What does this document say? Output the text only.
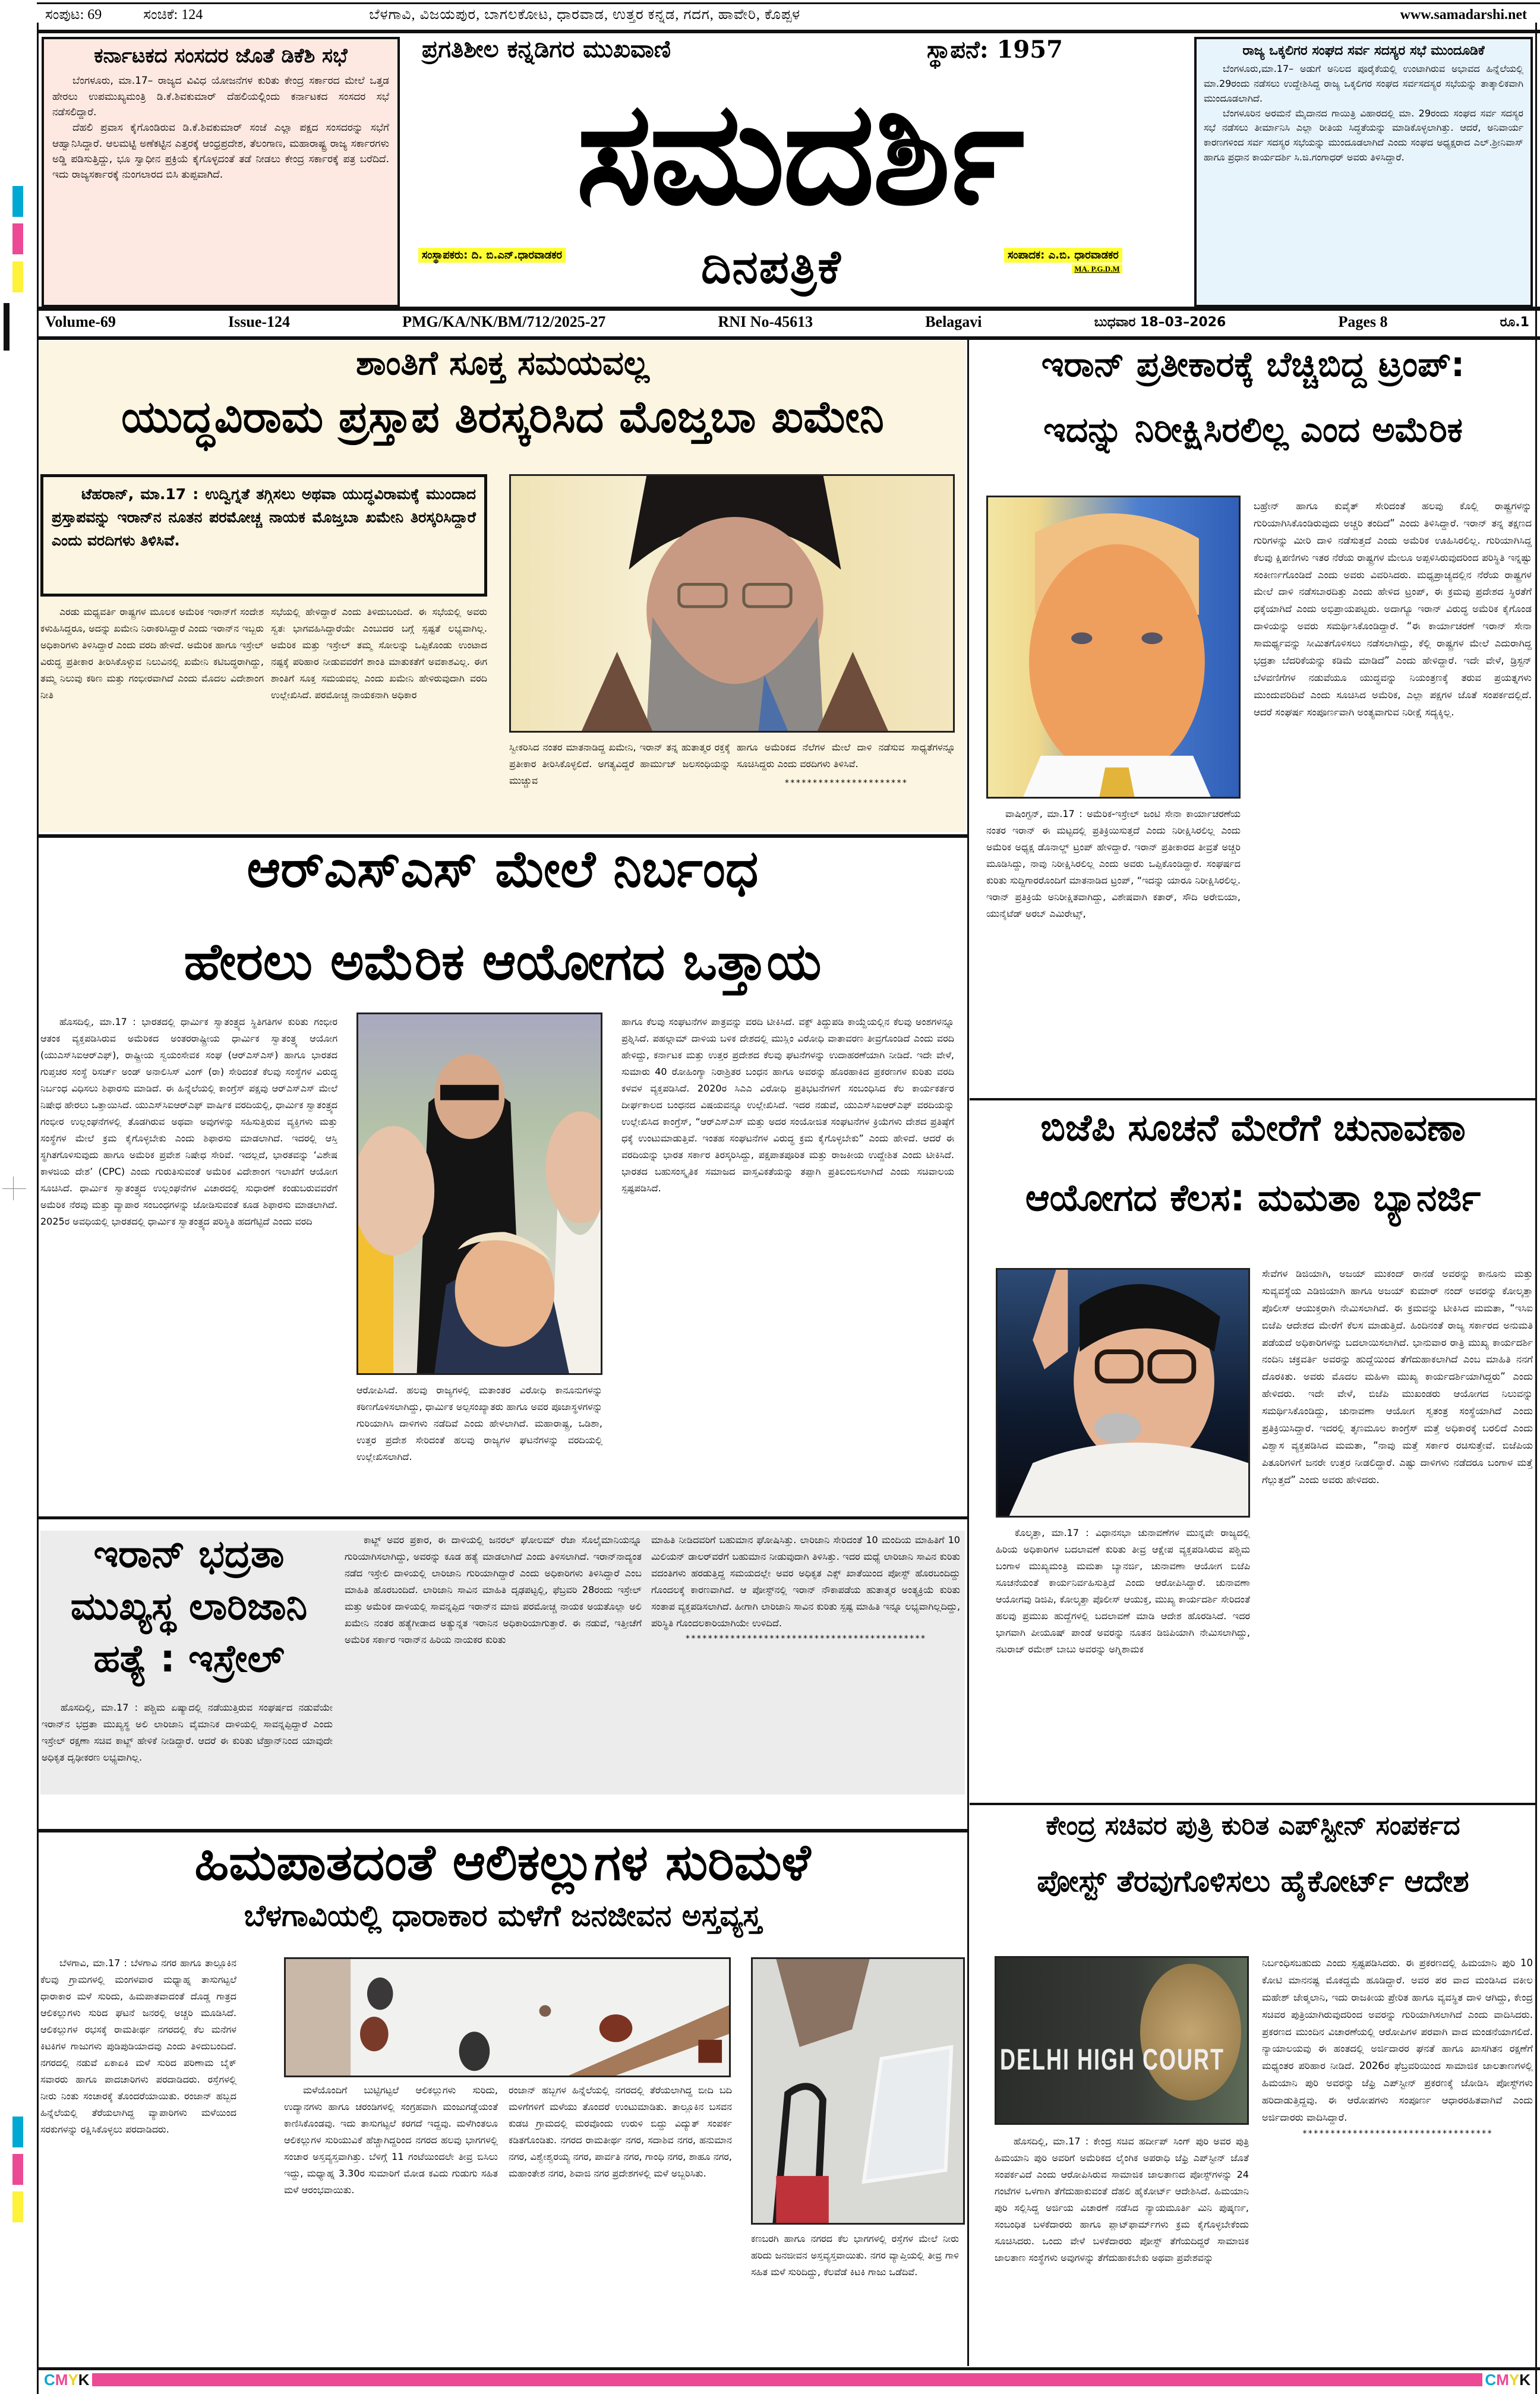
ಸಂಪುಟ: 69	ಸಂಚಿಕೆ: 124	ಬೆಳಗಾವಿ, ವಿಜಯಪುರ, ಬಾಗಲಕೋಟ, ಧಾರವಾಡ, ಉತ್ತರ ಕನ್ನಡ, ಗದಗ, ಹಾವೇರಿ, ಕೊಪ್ಪಳ	www.samadarshi.net
ಕರ್ನಾಟಕದ ಸಂಸದರ ಜೊತೆ ಡಿಕೆಶಿ ಸಭೆ

ಬೆಂಗಳೂರು, ಮಾ.17– ರಾಜ್ಯದ ವಿವಿಧ ಯೋಜನೆಗಳ ಕುರಿತು ಕೇಂದ್ರ ಸರ್ಕಾರದ ಮೇಲೆ ಒತ್ತಡ ಹೇರಲು ಉಪಮುಖ್ಯಮಂತ್ರಿ ಡಿ.ಕೆ.ಶಿವಕುಮಾರ್ ದೆಹಲಿಯಲ್ಲಿಂದು ಕರ್ನಾಟಕದ ಸಂಸದರ ಸಭೆ ನಡೆಸಲಿದ್ದಾರೆ.

ದೆಹಲಿ ಪ್ರವಾಸ ಕೈಗೊಂಡಿರುವ ಡಿ.ಕೆ.ಶಿವಕುಮಾರ್ ಸಂಜೆ ಎಲ್ಲಾ ಪಕ್ಷದ ಸಂಸದರನ್ನು ಸಭೆಗೆ ಆಹ್ವಾನಿಸಿದ್ದಾರೆ. ಆಲಮಟ್ಟಿ ಅಣೆಕಟ್ಟಿನ ಎತ್ತರಕ್ಕೆ ಆಂಧ್ರಪ್ರದೇಶ, ತೆಲಂಗಾಣ, ಮಹಾರಾಷ್ಟ್ರ ರಾಜ್ಯ ಸರ್ಕಾರಗಳು ಅಡ್ಡಿ ಪಡಿಸುತ್ತಿದ್ದು, ಭೂ ಸ್ವಾಧೀನ ಪ್ರಕ್ರಿಯೆ ಕೈಗೊಳ್ಳದಂತೆ ತಡೆ ನೀಡಲು ಕೇಂದ್ರ ಸರ್ಕಾರಕ್ಕೆ ಪತ್ರ ಬರೆದಿದೆ. ಇದು ರಾಜ್ಯಸರ್ಕಾರಕ್ಕೆ ನುಂಗಲಾರದ ಬಿಸಿ ತುಪ್ಪವಾಗಿದೆ.

ಪ್ರಗತಿಶೀಲ ಕನ್ನಡಿಗರ ಮುಖವಾಣಿ	ಸ್ಥಾಪನೆ: 1957
ಸಮದರ್ಶಿ
ಸಂಸ್ಥಾಪಕರು: ದಿ. ಬಿ.ಎನ್.ಧಾರವಾಡಕರ	ದಿನಪತ್ರಿಕೆ	ಸಂಪಾದಕ: ಎ.ಬಿ. ಧಾರವಾಡಕರ
MA. P.G.D.M
ರಾಜ್ಯ ಒಕ್ಕಲಿಗರ ಸಂಘದ ಸರ್ವ ಸದಸ್ಯರ ಸಭೆ ಮುಂದೂಡಿಕೆ

ಬೆಂಗಳೂರು,ಮಾ.17– ಅಡುಗೆ ಅನಿಲದ ಪೂರೈಕೆಯಲ್ಲಿ ಉಂಟಾಗಿರುವ ಅಭಾವದ ಹಿನ್ನೆಲೆಯಲ್ಲಿ ಮಾ.29ರಂದು ನಡೆಸಲು ಉದ್ದೇಶಿಸಿದ್ದ ರಾಜ್ಯ ಒಕ್ಕಲಿಗರ ಸಂಘದ ಸರ್ವಸದಸ್ಯರ ಸಭೆಯನ್ನು ತಾತ್ಕಾಲಿಕವಾಗಿ ಮುಂದೂಡಲಾಗಿದೆ.

ಬೆಂಗಳೂರಿನ ಅರಮನೆ ಮೈದಾನದ ಗಾಯಿತ್ರಿ ವಿಹಾರದಲ್ಲಿ ಮಾ. 29ರಂದು ಸಂಘದ ಸರ್ವ ಸದಸ್ಯರ ಸಭೆ ನಡೆಸಲು ತೀರ್ಮಾನಿಸಿ ಎಲ್ಲಾ ರೀತಿಯ ಸಿದ್ಧತೆಯನ್ನು ಮಾಡಿಕೊಳ್ಳಲಾಗಿತ್ತು. ಆದರೆ, ಅನಿವಾರ್ಯ ಕಾರಣಗಳಿಂದ ಸರ್ವ ಸದಸ್ಯರ ಸಭೆಯನ್ನು ಮುಂದೂಡಲಾಗಿದೆ ಎಂದು ಸಂಘದ ಅಧ್ಯಕ್ಷರಾದ ಎಲ್.ಶ್ರೀನಿವಾಸ್ ಹಾಗೂ ಪ್ರಧಾನ ಕಾರ್ಯದರ್ಶಿ ಸಿ.ಜಿ.ಗಂಗಾಧರ್ ಅವರು ತಿಳಿಸಿದ್ದಾರೆ.

Volume-69	Issue-124	PMG/KA/NK/BM/712/2025-27	RNI No-45613	Belagavi	ಬುಧವಾರ 18–03–2026	Pages 8	ರೂ.1
ಶಾಂತಿಗೆ ಸೂಕ್ತ ಸಮಯವಲ್ಲ
ಯುದ್ಧವಿರಾಮ ಪ್ರಸ್ತಾಪ ತಿರಸ್ಕರಿಸಿದ ಮೊಜ್ತಬಾ ಖಮೇನಿ

ಟೆಹರಾನ್, ಮಾ.17 : ಉದ್ವಿಗ್ನತೆ ತಗ್ಗಿಸಲು ಅಥವಾ ಯುದ್ಧವಿರಾಮಕ್ಕೆ ಮುಂದಾದ ಪ್ರಸ್ತಾಪವನ್ನು ಇರಾನ್‌ನ ನೂತನ ಪರಮೋಚ್ಚ ನಾಯಕ ಮೊಜ್ತಬಾ ಖಮೇನಿ ತಿರಸ್ಕರಿಸಿದ್ದಾರೆ ಎಂದು ವರದಿಗಳು ತಿಳಿಸಿವೆ.

ಎರಡು ಮಧ್ಯವರ್ತಿ ರಾಷ್ಟ್ರಗಳ ಮೂಲಕ ಅಮೆರಿಕ ಇರಾನ್‌ಗೆ ಸಂದೇಶ ಕಳುಹಿಸಿದ್ದರೂ, ಅದನ್ನು ಖಮೇನಿ ನಿರಾಕರಿಸಿದ್ದಾರೆ ಎಂದು ಇರಾನ್‌ನ ಇಬ್ಬರು ಅಧಿಕಾರಿಗಳು ತಿಳಿಸಿದ್ದಾರೆ ಎಂದು ವರದಿ ಹೇಳಿದೆ. ಅಮೆರಿಕ ಹಾಗೂ ಇಸ್ರೇಲ್ ವಿರುದ್ಧ ಪ್ರತೀಕಾರ ತೀರಿಸಿಕೊಳ್ಳುವ ನಿಲುವಿನಲ್ಲಿ ಖಮೇನಿ ಕಟಿಬದ್ಧರಾಗಿದ್ದು, ತಮ್ಮ ನಿಲುವು ಕಠಿಣ ಮತ್ತು ಗಂಭೀರವಾಗಿದೆ ಎಂದು ಮೊದಲ ವಿದೇಶಾಂಗ ನೀತಿ

ಸಭೆಯಲ್ಲಿ ಹೇಳಿದ್ದಾರೆ ಎಂದು ತಿಳಿದುಬಂದಿದೆ. ಈ ಸಭೆಯಲ್ಲಿ ಅವರು ಸ್ವತಃ ಭಾಗವಹಿಸಿದ್ದಾರೆಯೇ ಎಂಬುದರ ಬಗ್ಗೆ ಸ್ಪಷ್ಟತೆ ಲಭ್ಯವಾಗಿಲ್ಲ. ಅಮೆರಿಕ ಮತ್ತು ಇಸ್ರೇಲ್ ತಮ್ಮ ಸೋಲನ್ನು ಒಪ್ಪಿಕೊಂಡು ಉಂಟಾದ ನಷ್ಟಕ್ಕೆ ಪರಿಹಾರ ನೀಡುವವರೆಗೆ ಶಾಂತಿ ಮಾತುಕತೆಗೆ ಅವಕಾಶವಿಲ್ಲ. ಈಗ ಶಾಂತಿಗೆ ಸೂಕ್ತ ಸಮಯವಲ್ಲ ಎಂದು ಖಮೇನಿ ಹೇಳಿರುವುದಾಗಿ ವರದಿ ಉಲ್ಲೇಖಿಸಿದೆ. ಪರಮೋಚ್ಚ ನಾಯಕನಾಗಿ ಅಧಿಕಾರ

ಸ್ವೀಕರಿಸಿದ ನಂತರ ಮಾತನಾಡಿದ್ದ ಖಮೇನಿ, ಇರಾನ್ ತನ್ನ ಹುತಾತ್ಮರ ರಕ್ತಕ್ಕೆ ಪ್ರತೀಕಾರ ತೀರಿಸಿಕೊಳ್ಳಲಿದೆ. ಅಗತ್ಯವಿದ್ದರೆ ಹಾರ್ಮುಜ್ ಜಲಸಂಧಿಯನ್ನು ಮುಚ್ಚುವ

ಹಾಗೂ ಅಮೆರಿಕದ ನೆಲೆಗಳ ಮೇಲೆ ದಾಳಿ ನಡೆಸುವ ಸಾಧ್ಯತೆಗಳನ್ನೂ ಸೂಚಿಸಿದ್ದರು ಎಂದು ವರದಿಗಳು ತಿಳಿಸಿವೆ.

**********************
ಆರ್‌ಎಸ್‌ಎಸ್ ಮೇಲೆ ನಿರ್ಬಂಧ
ಹೇರಲು ಅಮೆರಿಕ ಆಯೋಗದ ಒತ್ತಾಯ

ಹೊಸದಿಲ್ಲಿ, ಮಾ.17 : ಭಾರತದಲ್ಲಿ ಧಾರ್ಮಿಕ ಸ್ವಾತಂತ್ರ್ಯದ ಸ್ಥಿತಿಗತಿಗಳ ಕುರಿತು ಗಂಭೀರ ಆತಂಕ ವ್ಯಕ್ತಪಡಿಸಿರುವ ಅಮೆರಿಕದ ಅಂತರರಾಷ್ಟ್ರೀಯ ಧಾರ್ಮಿಕ ಸ್ವಾತಂತ್ರ್ಯ ಆಯೋಗ (ಯುಎಸ್‌ಸಿಐಆರ್‌ಎಫ್), ರಾಷ್ಟ್ರೀಯ ಸ್ವಯಂಸೇವಕ ಸಂಘ (ಆರ್‌ಎಸ್‌ಎಸ್) ಹಾಗೂ ಭಾರತದ ಗುಪ್ತಚರ ಸಂಸ್ಥೆ ರಿಸರ್ಚ್ ಅಂಡ್ ಅನಾಲಿಸಿಸ್ ವಿಂಗ್ (ರಾ) ಸೇರಿದಂತೆ ಕೆಲವು ಸಂಸ್ಥೆಗಳ ವಿರುದ್ಧ ನಿರ್ಬಂಧ ವಿಧಿಸಲು ಶಿಫಾರಸು ಮಾಡಿದೆ. ಈ ಹಿನ್ನೆಲೆಯಲ್ಲಿ ಕಾಂಗ್ರೆಸ್ ಪಕ್ಷವು ಆರ್‌ಎಸ್‌ಎಸ್ ಮೇಲೆ ನಿಷೇಧ ಹೇರಲು ಒತ್ತಾಯಿಸಿದೆ. ಯುಎಸ್‌ಸಿಐಆರ್‌ಎಫ್ ವಾರ್ಷಿಕ ವರದಿಯಲ್ಲಿ, ಧಾರ್ಮಿಕ ಸ್ವಾತಂತ್ರ್ಯದ ಗಂಭೀರ ಉಲ್ಲಂಘನೆಗಳಲ್ಲಿ ತೊಡಗಿರುವ ಅಥವಾ ಅವುಗಳನ್ನು ಸಹಿಸುತ್ತಿರುವ ವ್ಯಕ್ತಿಗಳು ಮತ್ತು ಸಂಸ್ಥೆಗಳ ಮೇಲೆ ಕ್ರಮ ಕೈಗೊಳ್ಳಬೇಕು ಎಂದು ಶಿಫಾರಸು ಮಾಡಲಾಗಿದೆ. ಇದರಲ್ಲಿ ಆಸ್ತಿ ಸ್ಥಗಿತಗೊಳಿಸುವುದು ಹಾಗೂ ಅಮೆರಿಕ ಪ್ರವೇಶ ನಿಷೇಧ ಸೇರಿವೆ. ಇದಲ್ಲದೆ, ಭಾರತವನ್ನು ‘ವಿಶೇಷ ಕಾಳಜಿಯ ದೇಶ’ (CPC) ಎಂದು ಗುರುತಿಸುವಂತೆ ಅಮೆರಿಕ ವಿದೇಶಾಂಗ ಇಲಾಖೆಗೆ ಆಯೋಗ ಸೂಚಿಸಿದೆ. ಧಾರ್ಮಿಕ ಸ್ವಾತಂತ್ರ್ಯದ ಉಲ್ಲಂಘನೆಗಳ ವಿಚಾರದಲ್ಲಿ ಸುಧಾರಣೆ ಕಂಡುಬರುವವರೆಗೆ ಅಮೆರಿಕ ನೆರವು ಮತ್ತು ವ್ಯಾಪಾರ ಸಂಬಂಧಗಳನ್ನು ಜೋಡಿಸುವಂತೆ ಕೂಡ ಶಿಫಾರಸು ಮಾಡಲಾಗಿದೆ. 2025ರ ಅವಧಿಯಲ್ಲಿ ಭಾರತದಲ್ಲಿ ಧಾರ್ಮಿಕ ಸ್ವಾತಂತ್ರ್ಯದ ಪರಿಸ್ಥಿತಿ ಹದಗೆಟ್ಟಿದೆ ಎಂದು ವರದಿ

ಆರೋಪಿಸಿದೆ. ಹಲವು ರಾಜ್ಯಗಳಲ್ಲಿ ಮತಾಂತರ ವಿರೋಧಿ ಕಾನೂನುಗಳನ್ನು ಕಠಿಣಗೊಳಿಸಲಾಗಿದ್ದು, ಧಾರ್ಮಿಕ ಅಲ್ಪಸಂಖ್ಯಾತರು ಹಾಗೂ ಅವರ ಪೂಜಾಸ್ಥಳಗಳನ್ನು ಗುರಿಯಾಗಿಸಿ ದಾಳಿಗಳು ನಡೆದಿವೆ ಎಂದು ಹೇಳಲಾಗಿದೆ. ಮಹಾರಾಷ್ಟ್ರ, ಒಡಿಶಾ, ಉತ್ತರ ಪ್ರದೇಶ ಸೇರಿದಂತೆ ಹಲವು ರಾಜ್ಯಗಳ ಘಟನೆಗಳನ್ನು ವರದಿಯಲ್ಲಿ ಉಲ್ಲೇಖಿಸಲಾಗಿದೆ.

ಹಾಗೂ ಕೆಲವು ಸಂಘಟನೆಗಳ ಪಾತ್ರವನ್ನು ವರದಿ ಟೀಕಿಸಿದೆ. ವಕ್ಫ್ ತಿದ್ದುಪಡಿ ಕಾಯ್ದೆಯಲ್ಲಿನ ಕೆಲವು ಅಂಶಗಳನ್ನೂ ಪ್ರಶ್ನಿಸಿದೆ. ಪಹಲ್ಗಾಮ್ ದಾಳಿಯ ಬಳಿಕ ದೇಶದಲ್ಲಿ ಮುಸ್ಲಿಂ ವಿರೋಧಿ ವಾತಾವರಣ ತೀವ್ರಗೊಂಡಿದೆ ಎಂದು ವರದಿ ಹೇಳಿದ್ದು, ಕರ್ನಾಟಕ ಮತ್ತು ಉತ್ತರ ಪ್ರದೇಶದ ಕೆಲವು ಘಟನೆಗಳನ್ನು ಉದಾಹರಣೆಯಾಗಿ ನೀಡಿದೆ. ಇದೇ ವೇಳೆ, ಸುಮಾರು 40 ರೋಹಿಂಗ್ಯಾ ನಿರಾಶ್ರಿತರ ಬಂಧನ ಹಾಗೂ ಅವರನ್ನು ಹೊರಹಾಕಿದ ಪ್ರಕರಣಗಳ ಕುರಿತು ವರದಿ ಕಳವಳ ವ್ಯಕ್ತಪಡಿಸಿದೆ. 2020ರ ಸಿಎಎ ವಿರೋಧಿ ಪ್ರತಿಭಟನೆಗಳಿಗೆ ಸಂಬಂಧಿಸಿದ ಕೆಲ ಕಾರ್ಯಕರ್ತರ ದೀರ್ಘಕಾಲದ ಬಂಧನದ ವಿಷಯವನ್ನೂ ಉಲ್ಲೇಖಿಸಿದೆ. ಇದರ ನಡುವೆ, ಯುಎಸ್‌ಸಿಐಆರ್‌ಎಫ್ ವರದಿಯನ್ನು ಉಲ್ಲೇಖಿಸಿದ ಕಾಂಗ್ರೆಸ್, “ಆರ್‌ಎಸ್‌ಎಸ್ ಮತ್ತು ಅದರ ಸಂಯೋಜಿತ ಸಂಘಟನೆಗಳ ಕ್ರಿಯೆಗಳು ದೇಶದ ಪ್ರತಿಷ್ಠೆಗೆ ಧಕ್ಕೆ ಉಂಟುಮಾಡುತ್ತಿವೆ. ಇಂತಹ ಸಂಘಟನೆಗಳ ವಿರುದ್ಧ ಕ್ರಮ ಕೈಗೊಳ್ಳಬೇಕು” ಎಂದು ಹೇಳಿದೆ. ಆದರೆ ಈ ವರದಿಯನ್ನು ಭಾರತ ಸರ್ಕಾರ ತಿರಸ್ಕರಿಸಿದ್ದು, ಪಕ್ಷಪಾತಪೂರಿತ ಮತ್ತು ರಾಜಕೀಯ ಉದ್ದೇಶಿತ ಎಂದು ಟೀಕಿಸಿದೆ. ಭಾರತದ ಬಹುಸಂಸ್ಕೃತಿಕ ಸಮಾಜದ ವಾಸ್ತವಿಕತೆಯನ್ನು ತಪ್ಪಾಗಿ ಪ್ರತಿಬಿಂಬಿಸಲಾಗಿದೆ ಎಂದು ಸಚಿವಾಲಯ ಸ್ಪಷ್ಟಪಡಿಸಿದೆ.

ಇರಾನ್ ಭದ್ರತಾ
ಮುಖ್ಯಸ್ಥ ಲಾರಿಜಾನಿ
ಹತ್ಯೆ : ಇಸ್ರೇಲ್

ಹೊಸದಿಲ್ಲಿ, ಮಾ.17 : ಪಶ್ಚಿಮ ಏಷ್ಯಾದಲ್ಲಿ ನಡೆಯುತ್ತಿರುವ ಸಂಘರ್ಷದ ನಡುವೆಯೇ ಇರಾನ್‌ನ ಭದ್ರತಾ ಮುಖ್ಯಸ್ಥ ಅಲಿ ಲಾರಿಜಾನಿ ವೈಮಾನಿಕ ದಾಳಿಯಲ್ಲಿ ಸಾವನ್ನಪ್ಪಿದ್ದಾರೆ ಎಂದು ಇಸ್ರೇಲ್ ರಕ್ಷಣಾ ಸಚಿವ ಕಾಟ್ಜ್ ಹೇಳಿಕೆ ನೀಡಿದ್ದಾರೆ. ಆದರೆ ಈ ಕುರಿತು ಟೆಹ್ರಾನ್‌ನಿಂದ ಯಾವುದೇ ಅಧಿಕೃತ ದೃಢೀಕರಣ ಲಭ್ಯವಾಗಿಲ್ಲ.

ಕಾಟ್ಜ್ ಅವರ ಪ್ರಕಾರ, ಈ ದಾಳಿಯಲ್ಲಿ ಜನರಲ್ ಘೋಲಮ್ ರೆಜಾ ಸೊಲೈಮಾನಿಯನ್ನೂ ಗುರಿಯಾಗಿಸಲಾಗಿದ್ದು, ಅವರನ್ನು ಕೂಡ ಹತ್ಯೆ ಮಾಡಲಾಗಿದೆ ಎಂದು ತಿಳಿಸಲಾಗಿದೆ. ಇರಾನ್‌ನಾದ್ಯಂತ ನಡೆದ ಇಸ್ರೇಲಿ ದಾಳಿಯಲ್ಲಿ ಲಾರಿಜಾನಿ ಗುರಿಯಾಗಿದ್ದಾರೆ ಎಂದು ಅಧಿಕಾರಿಗಳು ತಿಳಿಸಿದ್ದಾರೆ ಎಂಬ ಮಾಹಿತಿ ಹೊರಬಂದಿದೆ. ಲಾರಿಜಾನಿ ಸಾವಿನ ಮಾಹಿತಿ ದೃಢಪಟ್ಟಲ್ಲಿ, ಫೆಬ್ರವರಿ 28ರಂದು ಇಸ್ರೇಲ್ ಮತ್ತು ಅಮೆರಿಕ ದಾಳಿಯಲ್ಲಿ ಸಾವನ್ನಪ್ಪಿದ ಇರಾನ್‌ನ ಮಾಜಿ ಪರಮೋಚ್ಚ ನಾಯಕ ಅಯತೊಲ್ಲಾ ಅಲಿ ಖಮೇನಿ ನಂತರ ಹತ್ಯೆಗೀಡಾದ ಅತ್ಯುನ್ನತ ಇರಾನಿನ ಅಧಿಕಾರಿಯಾಗುತ್ತಾರೆ. ಈ ನಡುವೆ, ಇತ್ತೀಚೆಗೆ ಅಮೆರಿಕ ಸರ್ಕಾರ ಇರಾನ್‌ನ ಹಿರಿಯ ನಾಯಕರ ಕುರಿತು

ಮಾಹಿತಿ ನೀಡಿದವರಿಗೆ ಬಹುಮಾನ ಘೋಷಿಸಿತ್ತು. ಲಾರಿಜಾನಿ ಸೇರಿದಂತೆ 10 ಮಂದಿಯ ಮಾಹಿತಿಗೆ 10 ಮಿಲಿಯನ್ ಡಾಲರ್‌ವರೆಗೆ ಬಹುಮಾನ ನೀಡುವುದಾಗಿ ತಿಳಿಸಿತ್ತು. ಇದರ ಮಧ್ಯೆ ಲಾರಿಜಾನಿ ಸಾವಿನ ಕುರಿತು ವದಂತಿಗಳು ಹರಡುತ್ತಿದ್ದ ಸಮಯದಲ್ಲೇ ಅವರ ಅಧಿಕೃತ ಎಕ್ಸ್ ಖಾತೆಯಿಂದ ಪೋಸ್ಟ್ ಹೊರಬಂದಿದ್ದು ಗೊಂದಲಕ್ಕೆ ಕಾರಣವಾಗಿದೆ. ಆ ಪೋಸ್ಟ್‌ನಲ್ಲಿ ಇರಾನ್ ನೌಕಾಪಡೆಯ ಹುತಾತ್ಮರ ಅಂತ್ಯಕ್ರಿಯೆ ಕುರಿತು ಸಂತಾಪ ವ್ಯಕ್ತಪಡಿಸಲಾಗಿದೆ. ಹೀಗಾಗಿ ಲಾರಿಜಾನಿ ಸಾವಿನ ಕುರಿತು ಸ್ಪಷ್ಟ ಮಾಹಿತಿ ಇನ್ನೂ ಲಭ್ಯವಾಗಿಲ್ಲದಿದ್ದು, ಪರಿಸ್ಥಿತಿ ಗೊಂದಲಕಾರಿಯಾಗಿಯೇ ಉಳಿದಿದೆ.

*******************************************
ಹಿಮಪಾತದಂತೆ ಆಲಿಕಲ್ಲುಗಳ ಸುರಿಮಳೆ
ಬೆಳಗಾವಿಯಲ್ಲಿ ಧಾರಾಕಾರ ಮಳೆಗೆ ಜನಜೀವನ ಅಸ್ತವ್ಯಸ್ತ

ಬೆಳಗಾವಿ, ಮಾ.17 : ಬೆಳಗಾವಿ ನಗರ ಹಾಗೂ ತಾಲ್ಲೂಕಿನ ಕೆಲವು ಗ್ರಾಮಗಳಲ್ಲಿ ಮಂಗಳವಾರ ಮಧ್ಯಾಹ್ನ ತಾಸುಗಟ್ಟಲೆ ಧಾರಾಕಾರ ಮಳೆ ಸುರಿದು, ಹಿಮಪಾತವಾದಂತೆ ದೊಡ್ಡ ಗಾತ್ರದ ಆಲಿಕಲ್ಲುಗಳು ಸುರಿದ ಘಟನೆ ಜನರಲ್ಲಿ ಅಚ್ಚರಿ ಮೂಡಿಸಿದೆ. ಆಲಿಕಲ್ಲುಗಳ ರಭಸಕ್ಕೆ ರಾಮತೀರ್ಥ ನಗರದಲ್ಲಿ ಕೆಲ ಮನೆಗಳ ಕಿಟಕಿಗಳ ಗಾಜುಗಳು ಪುಡಿಪುಡಿಯಾದವು ಎಂದು ತಿಳಿದುಬಂದಿದೆ. ನಗರದಲ್ಲಿ ನಡುವೆ ಏಕಾಏಕಿ ಮಳೆ ಸುರಿದ ಪರಿಣಾಮ ಬೈಕ್ ಸವಾರರು ಹಾಗೂ ಪಾದಚಾರಿಗಳು ಪರದಾಡಿದರು. ರಸ್ತೆಗಳಲ್ಲಿ ನೀರು ನಿಂತು ಸಂಚಾರಕ್ಕೆ ತೊಂದರೆಯಾಯಿತು. ರಂಜಾನ್ ಹಬ್ಬದ ಹಿನ್ನೆಲೆಯಲ್ಲಿ ತೆರೆಯಲಾಗಿದ್ದ ವ್ಯಾಪಾರಿಗಳು ಮಳೆಯಿಂದ ಸರಕುಗಳನ್ನು ರಕ್ಷಿಸಿಕೊಳ್ಳಲು ಪರದಾಡಿದರು.

ಮಳೆಯೊಂದಿಗೆ ಬುಟ್ಟಿಗಟ್ಟಲೆ ಆಲಿಕಲ್ಲುಗಳು ಸುರಿದು, ಉದ್ಯಾನಗಳು ಹಾಗೂ ಚರಂಡಿಗಳಲ್ಲಿ ಸಂಗ್ರಹವಾಗಿ ಮಂಜುಗಡ್ಡೆಯಂತೆ ಕಾಣಿಸಿಕೊಂಡವು. ಇದು ತಾಸುಗಟ್ಟಲೆ ಕರಗದೆ ಇದ್ದವು. ಮಳೆಗಿಂತಲೂ ಆಲಿಕಲ್ಲುಗಳ ಸುರಿಯುವಿಕೆ ಹೆಚ್ಚಾಗಿದ್ದರಿಂದ ನಗರದ ಹಲವು ಭಾಗಗಳಲ್ಲಿ ಸಂಚಾರ ಅಸ್ತವ್ಯಸ್ತವಾಗಿತ್ತು. ಬೆಳಿಗ್ಗೆ 11 ಗಂಟೆಯಿಂದಲೇ ತೀವ್ರ ಬಿಸಿಲು ಇದ್ದು, ಮಧ್ಯಾಹ್ನ 3.30ರ ಸುಮಾರಿಗೆ ಮೋಡ ಕವಿದು ಗುಡುಗು ಸಹಿತ ಮಳೆ ಆರಂಭವಾಯಿತು.

ರಂಜಾನ್ ಹಬ್ಬಗಳ ಹಿನ್ನೆಲೆಯಲ್ಲಿ ನಗರದಲ್ಲಿ ತೆರೆಯಲಾಗಿದ್ದ ಬೀದಿ ಬದಿ ಮಳಿಗೆಗಳಿಗೆ ಮಳೆಯು ತೊಂದರೆ ಉಂಟುಮಾಡಿತು. ತಾಲ್ಲೂಕಿನ ಬಸವನ ಕುಡಚಿ ಗ್ರಾಮದಲ್ಲಿ ಮರವೊಂದು ಉರುಳಿ ಬಿದ್ದು ವಿದ್ಯುತ್ ಸಂಪರ್ಕ ಕಡಿತಗೊಂಡಿತು. ನಗರದ ರಾಮತೀರ್ಥ ನಗರ, ಸದಾಶಿವ ನಗರ, ಹನುಮಾನ ನಗರ, ವಿಶ್ವೇಶ್ವರಯ್ಯ ನಗರ, ಪಾರ್ವತಿ ನಗರ, ಗಾಂಧಿ ನಗರ, ಶಾಹೂ ನಗರ, ಮಹಾಂತೇಶ ನಗರ, ಶಿವಾಜಿ ನಗರ ಪ್ರದೇಶಗಳಲ್ಲಿ ಮಳೆ ಅಬ್ಬರಿಸಿತು.

ಕಣಬರಗಿ ಹಾಗೂ ನಗರದ ಕೆಲ ಭಾಗಗಳಲ್ಲಿ ರಸ್ತೆಗಳ ಮೇಲೆ ನೀರು ಹರಿದು ಜನಜೀವನ ಅಸ್ತವ್ಯಸ್ತವಾಯಿತು. ನಗರ ವ್ಯಾಪ್ತಿಯಲ್ಲಿ ತೀವ್ರ ಗಾಳಿ ಸಹಿತ ಮಳೆ ಸುರಿದಿದ್ದು, ಕೆಲವೆಡೆ ಕಿಟಕಿ ಗಾಜು ಒಡೆದಿವೆ.

ಇರಾನ್ ಪ್ರತೀಕಾರಕ್ಕೆ ಬೆಚ್ಚಿಬಿದ್ದ ಟ್ರಂಪ್:
ಇದನ್ನು ನಿರೀಕ್ಷಿಸಿರಲಿಲ್ಲ ಎಂದ ಅಮೆರಿಕ

ಬಹ್ರೇನ್ ಹಾಗೂ ಕುವೈತ್ ಸೇರಿದಂತೆ ಹಲವು ಕೊಲ್ಲಿ ರಾಷ್ಟ್ರಗಳನ್ನು ಗುರಿಯಾಗಿಸಿಕೊಂಡಿರುವುದು ಅಚ್ಚರಿ ತಂದಿದೆ” ಎಂದು ತಿಳಿಸಿದ್ದಾರೆ. ಇರಾನ್ ತನ್ನ ತಕ್ಷಣದ ಗುರಿಗಳನ್ನು ಮೀರಿ ದಾಳಿ ನಡೆಸುತ್ತದೆ ಎಂದು ಅಮೆರಿಕ ಊಹಿಸಿರಲಿಲ್ಲ. ಗುರಿಯಾಗಿಸಿದ್ದ ಕೆಲವು ಕ್ಷಿಪಣಿಗಳು ಇತರ ನೆರೆಯ ರಾಷ್ಟ್ರಗಳ ಮೇಲೂ ಅಪ್ಪಳಿಸಿರುವುದರಿಂದ ಪರಿಸ್ಥಿತಿ ಇನ್ನಷ್ಟು ಸಂಕೀರ್ಣಗೊಂಡಿದೆ ಎಂದು ಅವರು ವಿವರಿಸಿದರು. ಮಧ್ಯಪ್ರಾಚ್ಯದಲ್ಲಿನ ನೆರೆಯ ರಾಷ್ಟ್ರಗಳ ಮೇಲೆ ದಾಳಿ ನಡೆಸಬಾರದಿತ್ತು ಎಂದು ಹೇಳಿದ ಟ್ರಂಪ್, ಈ ಕ್ರಮವು ಪ್ರದೇಶದ ಸ್ಥಿರತೆಗೆ ಧಕ್ಕೆಯಾಗಿದೆ ಎಂದು ಅಭಿಪ್ರಾಯಪಟ್ಟರು. ಅದಾಗ್ಯೂ ಇರಾನ್ ವಿರುದ್ಧ ಅಮೆರಿಕ ಕೈಗೊಂಡ ದಾಳಿಯನ್ನು ಅವರು ಸಮರ್ಥಿಸಿಕೊಂಡಿದ್ದಾರೆ. “ಈ ಕಾರ್ಯಾಚರಣೆ ಇರಾನ್ ಸೇನಾ ಸಾಮರ್ಥ್ಯವನ್ನು ಸೀಮಿತಗೊಳಿಸಲು ನಡೆಸಲಾಗಿದ್ದು, ಕೆಲ್ಲಿ ರಾಷ್ಟ್ರಗಳ ಮೇಲೆ ಎದುರಾಗಿದ್ದ ಭದ್ರತಾ ಬೆದರಿಕೆಯನ್ನು ಕಡಿಮೆ ಮಾಡಿದೆ” ಎಂದು ಹೇಳಿದ್ದಾರೆ. ಇದೇ ವೇಳೆ, ಡ್ರಿಸ್ಟನ್ ಬೆಳವಣಿಗೆಗಳ ನಡುವೆಯೂ ಯುದ್ಧವನ್ನು ನಿಯಂತ್ರಣಕ್ಕೆ ತರುವ ಪ್ರಯತ್ನಗಳು ಮುಂದುವರಿದಿವೆ ಎಂದು ಸೂಚಿಸಿದ ಅಮೆರಿಕ, ಎಲ್ಲಾ ಪಕ್ಷಗಳ ಜೊತೆ ಸಂಪರ್ಕದಲ್ಲಿದೆ. ಆದರೆ ಸಂಘರ್ಷ ಸಂಪೂರ್ಣವಾಗಿ ಅಂತ್ಯವಾಗುವ ನಿರೀಕ್ಷೆ ಸದ್ಯಕ್ಕಿಲ್ಲ.

ವಾಷಿಂಗ್ಟನ್, ಮಾ.17 : ಅಮೆರಿಕ-ಇಸ್ರೇಲ್ ಜಂಟಿ ಸೇನಾ ಕಾರ್ಯಾಚರಣೆಯ ನಂತರ ಇರಾನ್ ಈ ಮಟ್ಟದಲ್ಲಿ ಪ್ರತಿಕ್ರಿಯಿಸುತ್ತದೆ ಎಂದು ನಿರೀಕ್ಷಿಸಿರಲಿಲ್ಲ ಎಂದು ಅಮೆರಿಕ ಅಧ್ಯಕ್ಷ ಡೊನಾಲ್ಡ್ ಟ್ರಂಪ್ ಹೇಳಿದ್ದಾರೆ. ಇರಾನ್ ಪ್ರತೀಕಾರದ ತೀವ್ರತೆ ಅಚ್ಚರಿ ಮೂಡಿಸಿದ್ದು, ನಾವು ನಿರೀಕ್ಷಿಸಿರಲಿಲ್ಲ ಎಂದು ಅವರು ಒಪ್ಪಿಕೊಂಡಿದ್ದಾರೆ. ಸಂಘರ್ಷದ ಕುರಿತು ಸುದ್ದಿಗಾರರೊಂದಿಗೆ ಮಾತನಾಡಿದ ಟ್ರಂಪ್, “ಇದನ್ನು ಯಾರೂ ನಿರೀಕ್ಷಿಸಿರಲಿಲ್ಲ. ಇರಾನ್ ಪ್ರತಿಕ್ರಿಯೆ ಅನಿರೀಕ್ಷಿತವಾಗಿದ್ದು, ವಿಶೇಷವಾಗಿ ಕತಾರ್, ಸೌದಿ ಅರೇಬಿಯಾ, ಯುನೈಟೆಡ್ ಅರಬ್ ಎಮಿರೇಟ್ಸ್,

ಬಿಜೆಪಿ ಸೂಚನೆ ಮೇರೆಗೆ ಚುನಾವಣಾ
ಆಯೋಗದ ಕೆಲಸ: ಮಮತಾ ಬ್ಯಾನರ್ಜಿ

ಸೇವೆಗಳ ಡಿಜಿಯಾಗಿ, ಅಜಯ್ ಮುಕಂದ್ ರಾನಡೆ ಅವರನ್ನು ಕಾನೂನು ಮತ್ತು ಸುವ್ಯವಸ್ಥೆಯ ಎಡಿಜಿಯಾಗಿ ಹಾಗೂ ಅಜಯ್ ಕುಮಾರ್ ನಂದ್ ಅವರನ್ನು ಕೋಲ್ಕತ್ತಾ ಪೊಲೀಸ್ ಆಯುಕ್ತರಾಗಿ ನೇಮಿಸಲಾಗಿದೆ. ಈ ಕ್ರಮವನ್ನು ಟೀಕಿಸಿದ ಮಮತಾ, “ಇಸಿಐ ಬಿಜೆಪಿ ಆದೇಶದ ಮೇರೆಗೆ ಕೆಲಸ ಮಾಡುತ್ತಿದೆ. ಹಿಂದಿನಂತೆ ರಾಜ್ಯ ಸರ್ಕಾರದ ಅನುಮತಿ ಪಡೆಯದೆ ಅಧಿಕಾರಿಗಳನ್ನು ಬದಲಾಯಿಸಲಾಗಿದೆ. ಭಾನುವಾರ ರಾತ್ರಿ ಮುಖ್ಯ ಕಾರ್ಯದರ್ಶಿ ನಂದಿನಿ ಚಕ್ರವರ್ತಿ ಅವರನ್ನು ಹುದ್ದೆಯಿಂದ ತೆಗೆದುಹಾಕಲಾಗಿದೆ ಎಂಬ ಮಾಹಿತಿ ನನಗೆ ದೊರಕಿತು. ಅವರು ಮೊದಲ ಮಹಿಳಾ ಮುಖ್ಯ ಕಾರ್ಯದರ್ಶಿಯಾಗಿದ್ದರು” ಎಂದು ಹೇಳಿದರು. ಇದೇ ವೇಳೆ, ಬಿಜೆಪಿ ಮುಖಂಡರು ಆಯೋಗದ ನಿಲುವನ್ನು ಸಮರ್ಥಿಸಿಕೊಂಡಿದ್ದು, ಚುನಾವಣಾ ಆಯೋಗ ಸ್ವತಂತ್ರ ಸಂಸ್ಥೆಯಾಗಿದೆ ಎಂದು ಪ್ರತಿಕ್ರಿಯಿಸಿದ್ದಾರೆ. ಇದರಲ್ಲಿ ತೃಣಮೂಲ ಕಾಂಗ್ರೆಸ್ ಮತ್ತೆ ಅಧಿಕಾರಕ್ಕೆ ಬರಲಿದೆ ಎಂದು ವಿಶ್ವಾಸ ವ್ಯಕ್ತಪಡಿಸಿದ ಮಮತಾ, “ನಾವು ಮತ್ತೆ ಸರ್ಕಾರ ರಚಿಸುತ್ತೇವೆ. ಬಿಜೆಪಿಯ ಪಿತೂರಿಗಳಿಗೆ ಜನರೇ ಉತ್ತರ ನೀಡಲಿದ್ದಾರೆ. ಎಷ್ಟು ದಾಳಿಗಳು ನಡೆದರೂ ಬಂಗಾಳ ಮತ್ತೆ ಗೆಲ್ಲುತ್ತದೆ” ಎಂದು ಅವರು ಹೇಳಿದರು.

ಕೊಲ್ಕತ್ತಾ, ಮಾ.17 : ವಿಧಾನಸಭಾ ಚುನಾವಣೆಗಳ ಮುನ್ನವೇ ರಾಜ್ಯದಲ್ಲಿ ಹಿರಿಯ ಅಧಿಕಾರಿಗಳ ಬದಲಾವಣೆ ಕುರಿತು ತೀವ್ರ ಆಕ್ಷೇಪ ವ್ಯಕ್ತಪಡಿಸಿರುವ ಪಶ್ಚಿಮ ಬಂಗಾಳ ಮುಖ್ಯಮಂತ್ರಿ ಮಮತಾ ಬ್ಯಾನರ್ಜಿ, ಚುನಾವಣಾ ಆಯೋಗ ಬಿಜೆಪಿ ಸೂಚನೆಯಂತೆ ಕಾರ್ಯನಿರ್ವಹಿಸುತ್ತಿದೆ ಎಂದು ಆರೋಪಿಸಿದ್ದಾರೆ. ಚುನಾವಣಾ ಆಯೋಗವು ಡಿಜಿಪಿ, ಕೋಲ್ಕತ್ತಾ ಪೊಲೀಸ್ ಆಯುಕ್ತ, ಮುಖ್ಯ ಕಾರ್ಯದರ್ಶಿ ಸೇರಿದಂತೆ ಹಲವು ಪ್ರಮುಖ ಹುದ್ದೆಗಳಲ್ಲಿ ಬದಲಾವಣೆ ಮಾಡಿ ಆದೇಶ ಹೊರಡಿಸಿದೆ. ಇದರ ಭಾಗವಾಗಿ ಪೀಯೂಷ್ ಪಾಂಡೆ ಅವರನ್ನು ನೂತನ ಡಿಜಿಪಿಯಾಗಿ ನೇಮಿಸಲಾಗಿದ್ದು, ನಟರಾಜ್ ರಮೇಶ್ ಬಾಬು ಅವರನ್ನು ಅಗ್ನಿಶಾಮಕ

ಕೇಂದ್ರ ಸಚಿವರ ಪುತ್ರಿ ಕುರಿತ ಎಪ್‌ಸ್ಟೀನ್ ಸಂಪರ್ಕದ
ಪೋಸ್ಟ್ ತೆರವುಗೊಳಿಸಲು ಹೈಕೋರ್ಟ್ ಆದೇಶ
DELHI HIGH COURT

ಹೊಸದಿಲ್ಲಿ, ಮಾ.17 : ಕೇಂದ್ರ ಸಚಿವ ಹರ್ದೀಪ್ ಸಿಂಗ್ ಪುರಿ ಅವರ ಪುತ್ರಿ ಹಿಮಯಾನಿ ಪುರಿ ಅವರಿಗೆ ಅಮೆರಿಕದ ಲೈಂಗಿಕ ಅಪರಾಧಿ ಜೆಫ್ರಿ ಎಪ್‌ಸ್ಟೀನ್ ಜೊತೆ ಸಂಪರ್ಕವಿದೆ ಎಂದು ಆರೋಪಿಸಿರುವ ಸಾಮಾಜಿಕ ಜಾಲತಾಣದ ಪೋಸ್ಟ್‌ಗಳನ್ನು 24 ಗಂಟೆಗಳ ಒಳಗಾಗಿ ತೆಗೆದುಹಾಕುವಂತೆ ದೆಹಲಿ ಹೈಕೋರ್ಟ್ ಆದೇಶಿಸಿದೆ. ಹಿಮಯಾನಿ ಪುರಿ ಸಲ್ಲಿಸಿದ್ದ ಅರ್ಜಿಯ ವಿಚಾರಣೆ ನಡೆಸಿದ ನ್ಯಾಯಮೂರ್ತಿ ಮಿನಿ ಪುಷ್ಕರ್ಣ, ಸಂಬಂಧಿತ ಬಳಕೆದಾರರು ಹಾಗೂ ಪ್ಲಾಟ್‌ಫಾರ್ಮ್‌ಗಳು ಕ್ರಮ ಕೈಗೊಳ್ಳಬೇಕೆಂದು ಸೂಚಿಸಿದರು. ಒಂದು ವೇಳೆ ಬಳಕೆದಾರರು ಪೋಸ್ಟ್ ತೆಗೆಯದಿದ್ದರೆ ಸಾಮಾಜಿಕ ಜಾಲತಾಣ ಸಂಸ್ಥೆಗಳು ಅವುಗಳನ್ನು ತೆಗೆದುಹಾಕಬೇಕು ಅಥವಾ ಪ್ರವೇಶವನ್ನು

ನಿರ್ಬಂಧಿಸಬಹುದು ಎಂದು ಸ್ಪಷ್ಟಪಡಿಸಿದರು. ಈ ಪ್ರಕರಣದಲ್ಲಿ ಹಿಮಯಾನಿ ಪುರಿ 10 ಕೋಟಿ ಮಾನನಷ್ಟ ಮೊಕದ್ದಮೆ ಹೂಡಿದ್ದಾರೆ. ಅವರ ಪರ ವಾದ ಮಂಡಿಸಿದ ವಕೀಲ ಮಹೇಶ್ ಜೇಠ್ಮಲಾನಿ, ಇದು ರಾಜಕೀಯ ಪ್ರೇರಿತ ಹಾಗೂ ವ್ಯವಸ್ಥಿತ ದಾಳಿ ಆಗಿದ್ದು, ಕೇಂದ್ರ ಸಚಿವರ ಪುತ್ರಿಯಾಗಿರುವುದರಿಂದ ಅವರನ್ನು ಗುರಿಯಾಗಿಸಲಾಗಿದೆ ಎಂದು ವಾದಿಸಿದರು. ಪ್ರಕರಣದ ಮುಂದಿನ ವಿಚಾರಣೆಯಲ್ಲಿ ಆರೋಪಿಗಳ ಪರವಾಗಿ ವಾದ ಮಂಡನೆಯಾಗಲಿದೆ. ನ್ಯಾಯಾಲಯವು ಈ ಹಂತದಲ್ಲಿ ಅರ್ಜಿದಾರರ ಘನತೆ ಹಾಗೂ ಖಾಸಗಿತನ ರಕ್ಷಣೆಗೆ ಮಧ್ಯಂತರ ಪರಿಹಾರ ನೀಡಿದೆ. 2026ರ ಫೆಬ್ರವರಿಯಿಂದ ಸಾಮಾಜಿಕ ಜಾಲತಾಣಗಳಲ್ಲಿ ಹಿಮಯಾನಿ ಪುರಿ ಅವರನ್ನು ಜೆಫ್ರಿ ಎಪ್‌ಸ್ಟೀನ್ ಪ್ರಕರಣಕ್ಕೆ ಜೋಡಿಸಿ ಪೋಸ್ಟ್‌ಗಳು ಹರಿದಾಡುತ್ತಿದ್ದವು. ಈ ಆರೋಪಗಳು ಸಂಪೂರ್ಣ ಆಧಾರರಹಿತವಾಗಿವೆ ಎಂದು ಅರ್ಜಿದಾರರು ವಾದಿಸಿದ್ದಾರೆ.

**********************************
C M Y K	C M Y K
